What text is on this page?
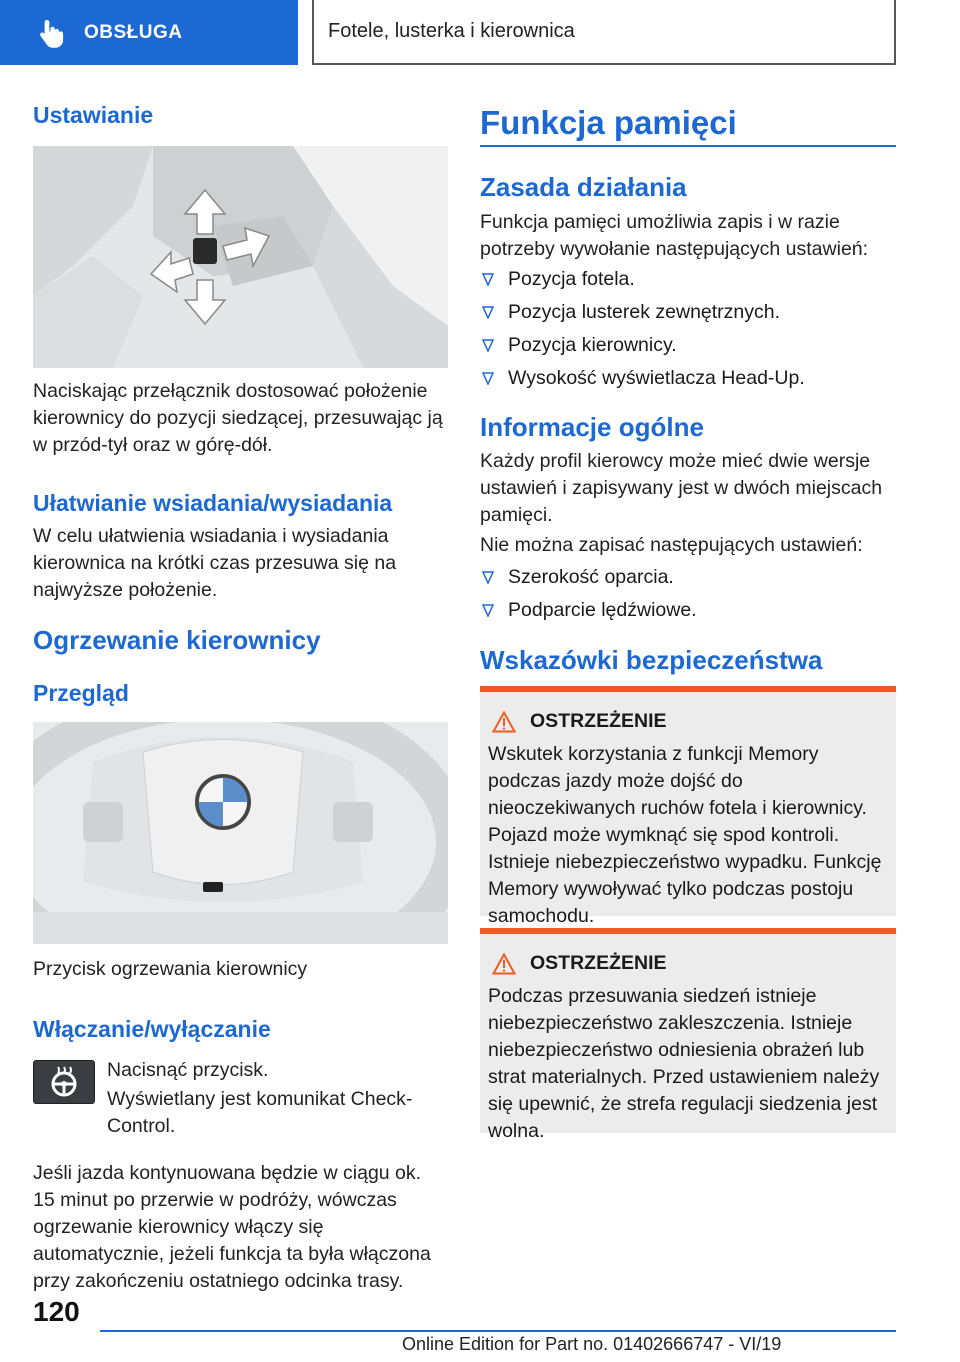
OBSŁUGA	Fotele, lusterka i kierownica
Ustawianie
Naciskając przełącznik dostosować położenie kierownicy do pozycji siedzącej, przesuwając ją w przód-tył oraz w górę-dół.
Ułatwianie wsiadania/wysiadania
W celu ułatwienia wsiadania i wysiadania kierownica na krótki czas przesuwa się na najwyższe położenie.
Ogrzewanie kierownicy
Przegląd
Przycisk ogrzewania kierownicy
Włączanie/wyłączanie
Nacisnąć przycisk.
Wyświetlany jest komunikat Check-Control.
Jeśli jazda kontynuowana będzie w ciągu ok. 15 minut po przerwie w podróży, wówczas ogrzewanie kierownicy włączy się automatycznie, jeżeli funkcja ta była włączona przy zakończeniu ostatniego odcinka trasy.
Funkcja pamięci
Zasada działania
Funkcja pamięci umożliwia zapis i w razie potrzeby wywołanie następujących ustawień:
Pozycja fotela.
Pozycja lusterek zewnętrznych.
Pozycja kierownicy.
Wysokość wyświetlacza Head-Up.
Informacje ogólne
Każdy profil kierowcy może mieć dwie wersje ustawień i zapisywany jest w dwóch miejscach pamięci.
Nie można zapisać następujących ustawień:
Szerokość oparcia.
Podparcie lędźwiowe.
Wskazówki bezpieczeństwa
OSTRZEŻENIE

Wskutek korzystania z funkcji Memory podczas jazdy może dojść do nieoczekiwanych ruchów fotela i kierownicy. Pojazd może wymknąć się spod kontroli. Istnieje niebezpieczeństwo wypadku. Funkcję Memory wywoływać tylko podczas postoju samochodu.

OSTRZEŻENIE

Podczas przesuwania siedzeń istnieje niebezpieczeństwo zakleszczenia. Istnieje niebezpieczeństwo odniesienia obrażeń lub strat materialnych. Przed ustawieniem należy się upewnić, że strefa regulacji siedzenia jest wolna.

120
Online Edition for Part no. 01402666747 - VI/19
